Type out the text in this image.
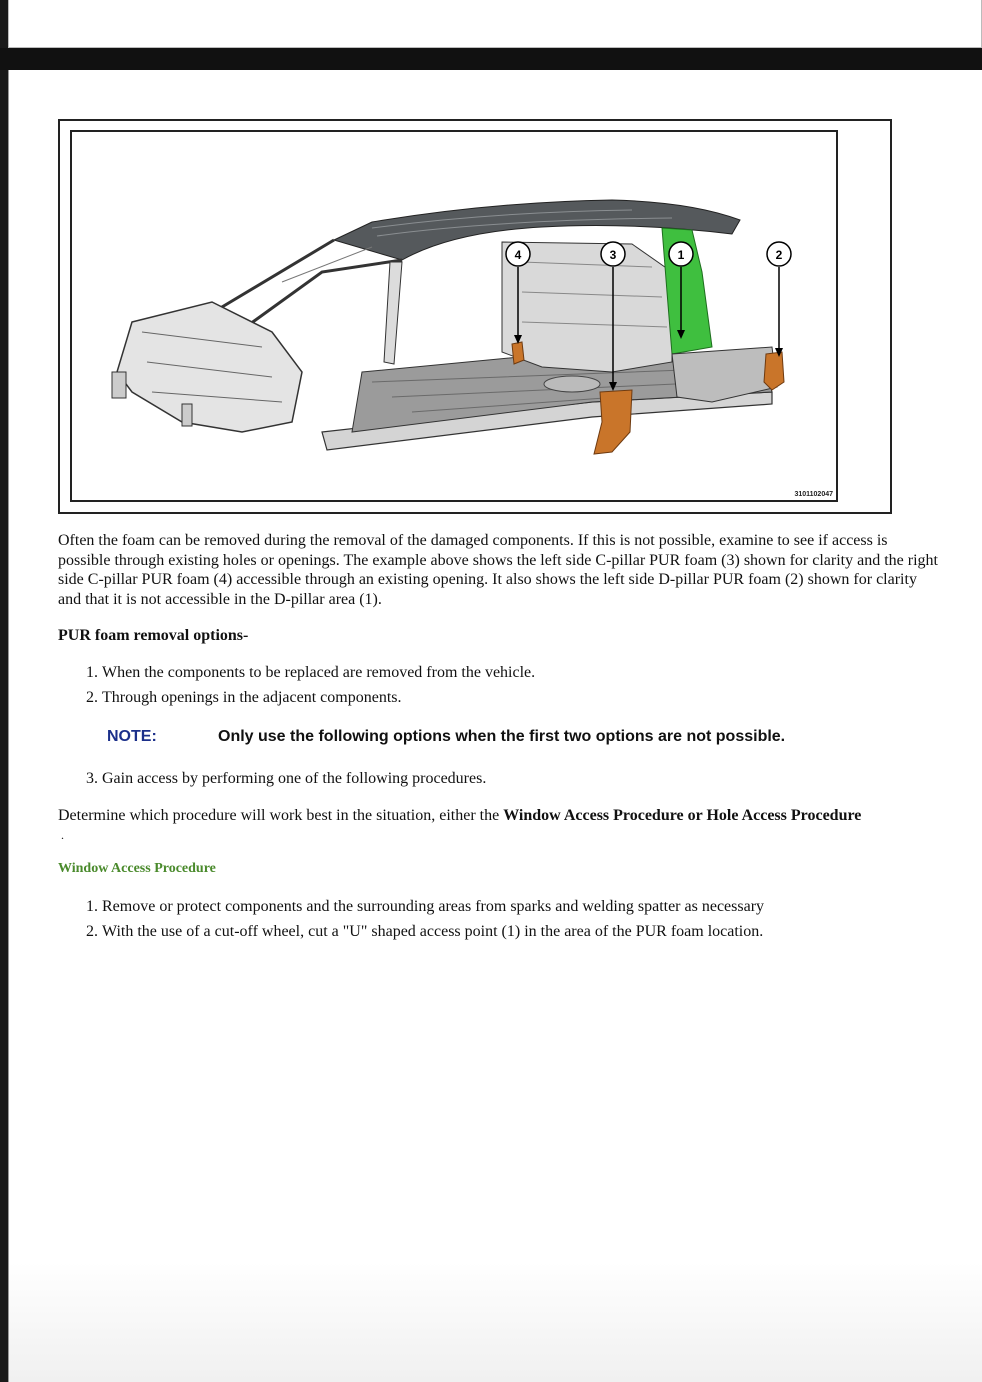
4	3	1	2
3101102047

Often the foam can be removed during the removal of the damaged components. If this is not possible, examine to see if access is possible through existing holes or openings. The example above shows the left side C-pillar PUR foam (3) shown for clarity and the right side C-pillar PUR foam (4) accessible through an existing opening. It also shows the left side D-pillar PUR foam (2) shown for clarity and that it is not accessible in the D-pillar area (1).

PUR foam removal options-
1. When the components to be replaced are removed from the vehicle.
2. Through openings in the adjacent components.
NOTE:	Only use the following options when the first two options are not possible.
3. Gain access by performing one of the following procedures.

Determine which procedure will work best in the situation, either the Window Access Procedure or Hole Access Procedure

.
Window Access Procedure
1. Remove or protect components and the surrounding areas from sparks and welding spatter as necessary
2. With the use of a cut-off wheel, cut a "U" shaped access point (1) in the area of the PUR foam location.
